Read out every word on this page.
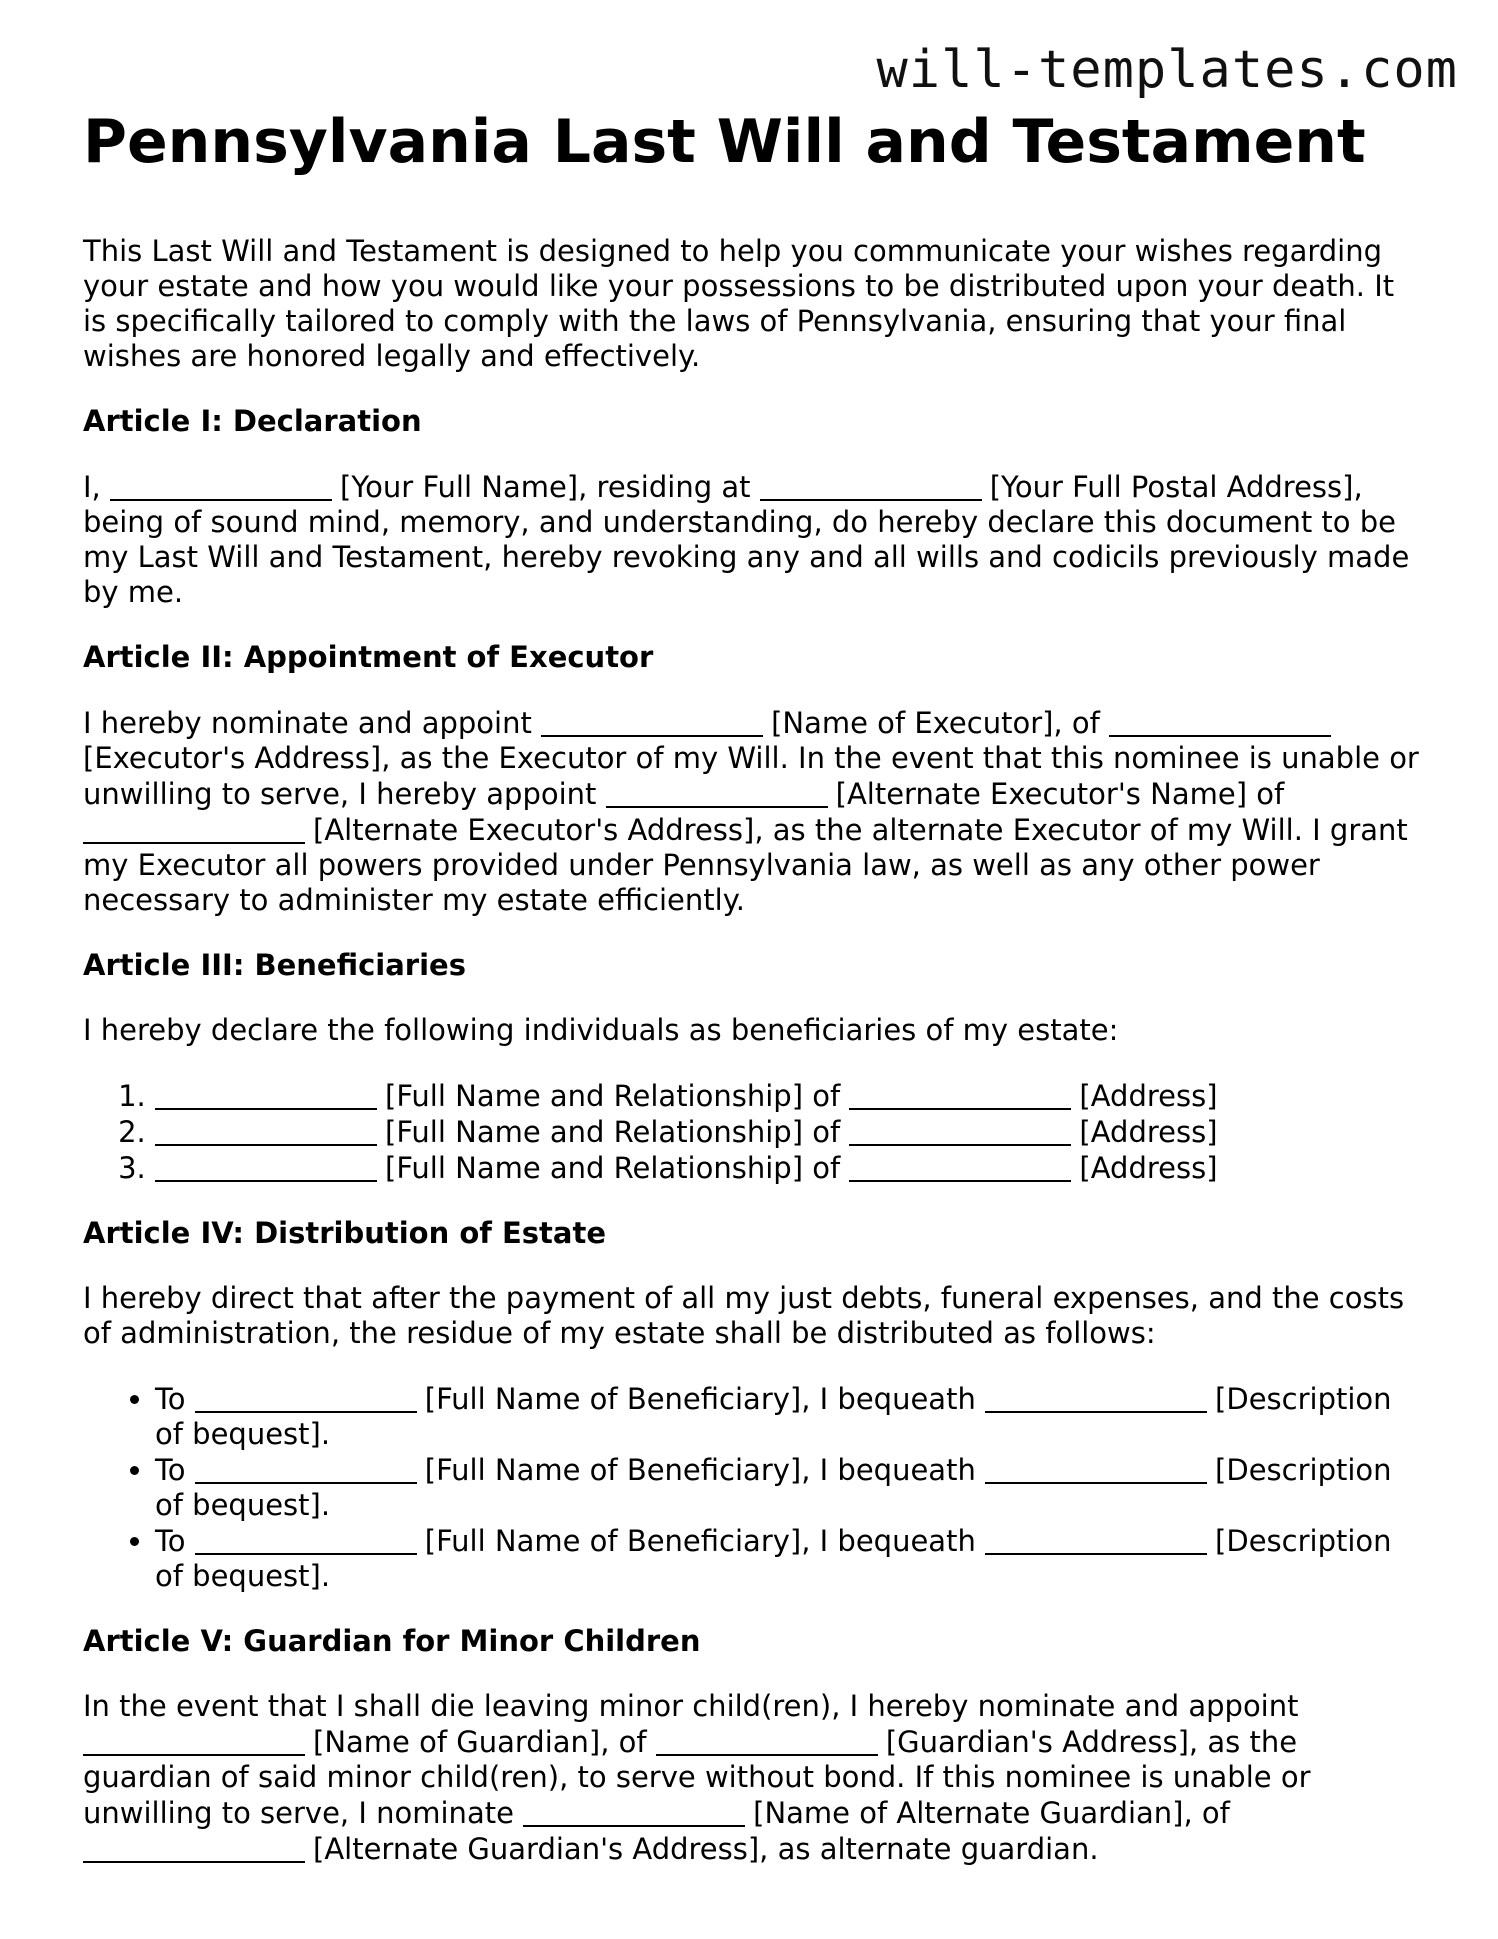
will-templates.com
Pennsylvania Last Will and Testament

This Last Will and Testament is designed to help you communicate your wishes regarding your estate and how you would like your possessions to be distributed upon your death. It is specifically tailored to comply with the laws of Pennsylvania, ensuring that your final wishes are honored legally and effectively.

Article I: Declaration

I,	[Your Full Name], residing at	[Your Full Postal Address], being of sound mind, memory, and understanding, do hereby declare this document to be my Last Will and Testament, hereby revoking any and all wills and codicils previously made by me.

Article II: Appointment of Executor

I hereby nominate and appoint	[Name of Executor], of [Executor's Address], as the Executor of my Will. In the event that this nominee is unable or unwilling to serve, I hereby appoint	[Alternate Executor's Name] of [Alternate Executor's Address], as the alternate Executor of my Will. I grant my Executor all powers provided under Pennsylvania law, as well as any other power necessary to administer my estate efficiently.

Article III: Beneficiaries

I hereby declare the following individuals as beneficiaries of my estate:

1. [Full Name and Relationship] of	[Address]
2. [Full Name and Relationship] of	[Address]
3. [Full Name and Relationship] of	[Address]
Article IV: Distribution of Estate

I hereby direct that after the payment of all my just debts, funeral expenses, and the costs of administration, the residue of my estate shall be distributed as follows:

• To	[Full Name of Beneficiary], I bequeath	[Description of bequest].
• To	[Full Name of Beneficiary], I bequeath	[Description of bequest].
• To	[Full Name of Beneficiary], I bequeath	[Description of bequest].
Article V: Guardian for Minor Children

In the event that I shall die leaving minor child(ren), I hereby nominate and appoint [Name of Guardian], of	[Guardian's Address], as the guardian of said minor child(ren), to serve without bond. If this nominee is unable or unwilling to serve, I nominate	[Name of Alternate Guardian], of [Alternate Guardian's Address], as alternate guardian.
